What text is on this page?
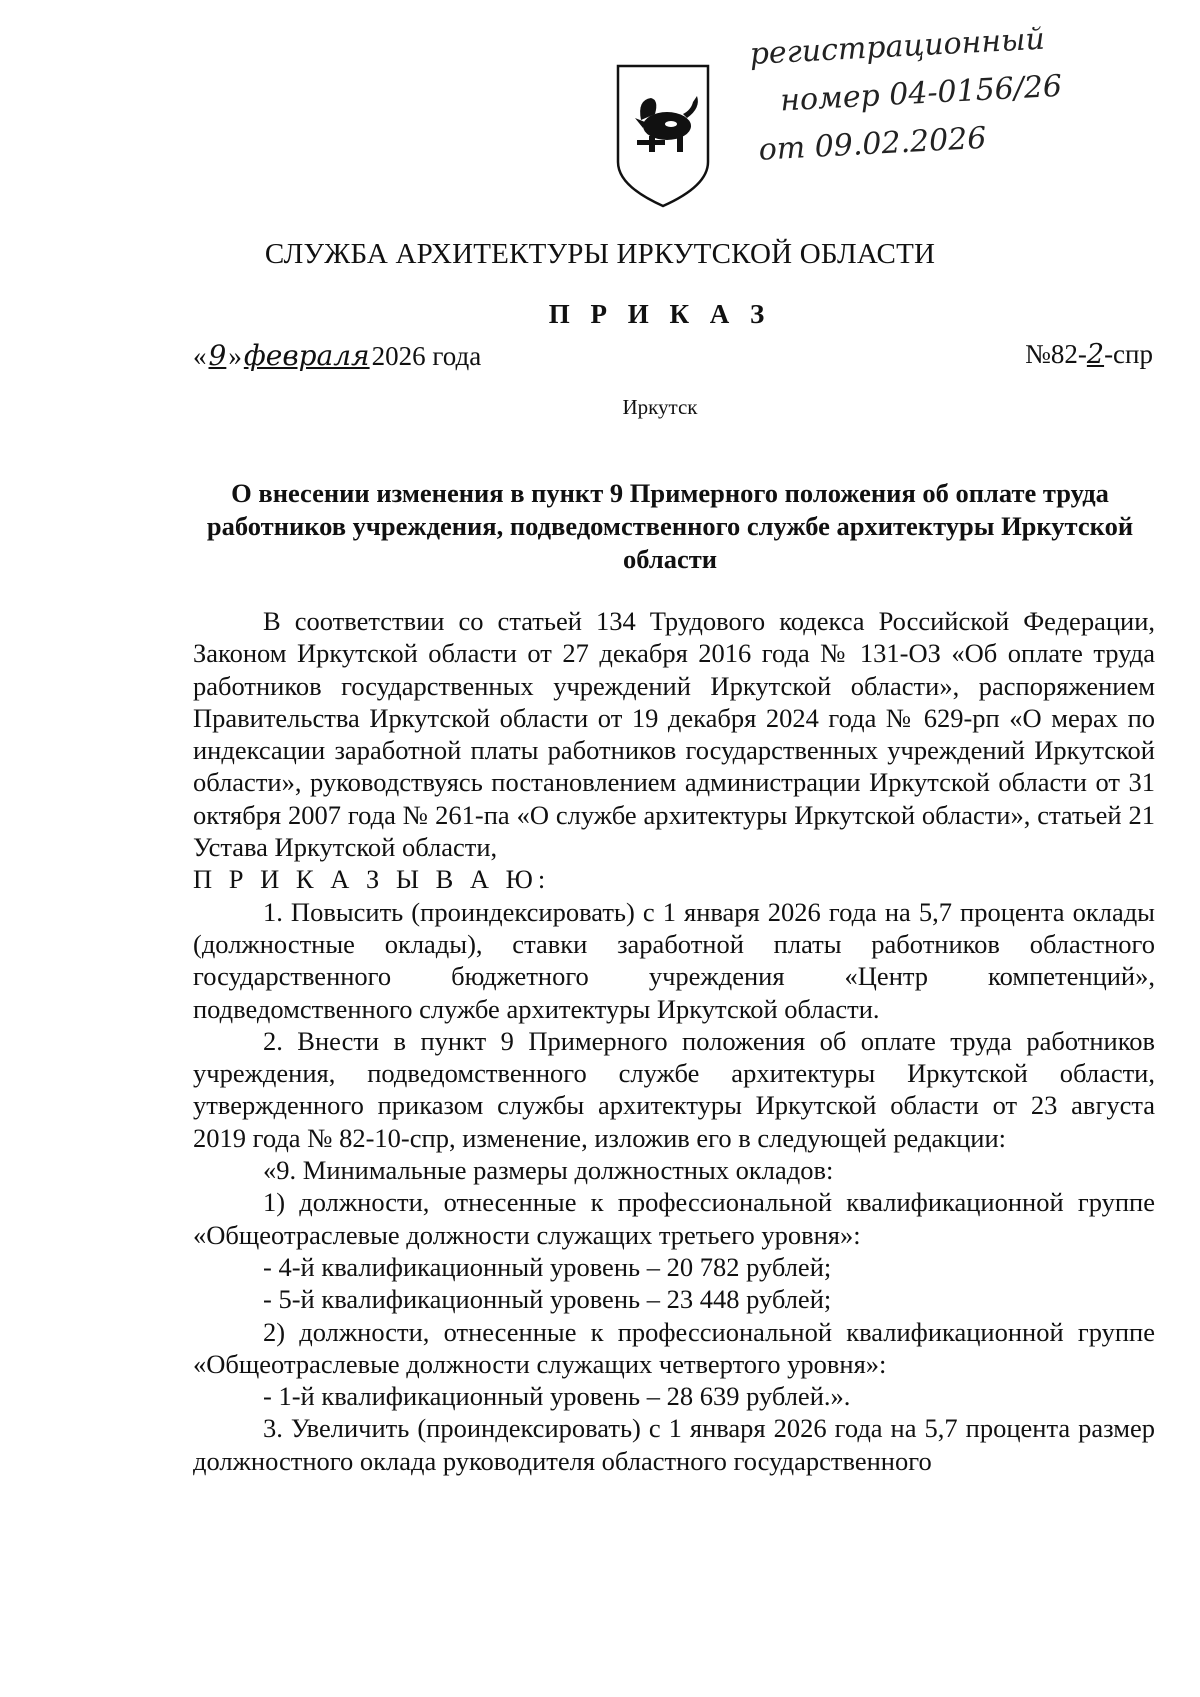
регистрационный
номер 04-0156/26
от 09.02.2026
СЛУЖБА АРХИТЕКТУРЫ ИРКУТСКОЙ ОБЛАСТИ
П Р И К А З
«9»февраля2026 года	№82-2-спр
Иркутск
О внесении изменения в пункт 9 Примерного положения об оплате труда работников учреждения, подведомственного службе архитектуры Иркутской области

В соответствии со статьей 134 Трудового кодекса Российской Федерации, Законом Иркутской области от 27 декабря 2016 года № 131-ОЗ «Об оплате труда работников государственных учреждений Иркутской области», распоряжением Правительства Иркутской области от 19 декабря 2024 года № 629-рп «О мерах по индексации заработной платы работников государственных учреждений Иркутской области», руководствуясь постановлением администрации Иркутской области от 31 октября 2007 года № 261-па «О службе архитектуры Иркутской области», статьей 21 Устава Иркутской области,

П Р И К А З Ы В А Ю:

1. Повысить (проиндексировать) с 1 января 2026 года на 5,7 процента оклады (должностные оклады), ставки заработной платы работников областного государственного бюджетного учреждения «Центр компетенций», подведомственного службе архитектуры Иркутской области.

2. Внести в пункт 9 Примерного положения об оплате труда работников учреждения, подведомственного службе архитектуры Иркутской области, утвержденного приказом службы архитектуры Иркутской области от 23 августа 2019 года № 82-10-спр, изменение, изложив его в следующей редакции:

«9. Минимальные размеры должностных окладов:

1) должности, отнесенные к профессиональной квалификационной группе «Общеотраслевые должности служащих третьего уровня»:

- 4-й квалификационный уровень – 20 782 рублей;

- 5-й квалификационный уровень – 23 448 рублей;

2) должности, отнесенные к профессиональной квалификационной группе «Общеотраслевые должности служащих четвертого уровня»:

- 1-й квалификационный уровень – 28 639 рублей.».

3. Увеличить (проиндексировать) с 1 января 2026 года на 5,7 процента размер должностного оклада руководителя областного государственного
